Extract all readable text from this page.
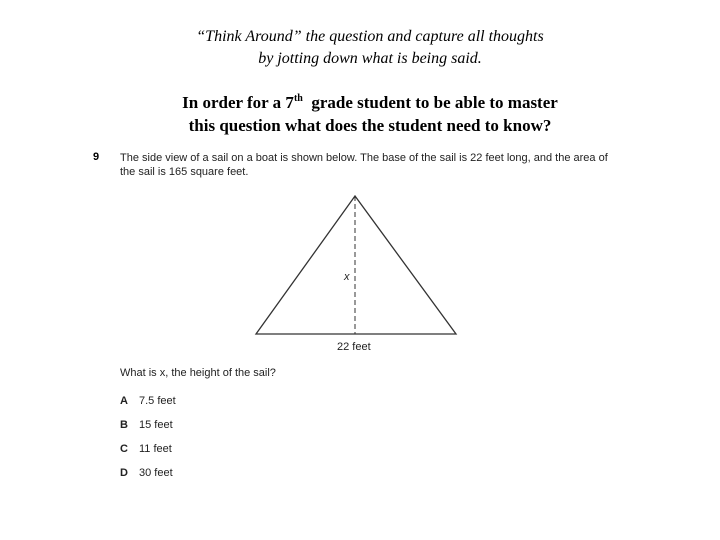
“Think Around” the question and capture all thoughts
by jotting down what is being said.
In order for a 7th grade student to be able to master
this question what does the student need to know?
9 The side view of a sail on a boat is shown below. The base of the sail is 22 feet long, and the area of the sail is 165 square feet.
x
22 feet
What is x, the height of the sail?
A	7.5 feet
B	15 feet
C	11 feet
D	30 feet
